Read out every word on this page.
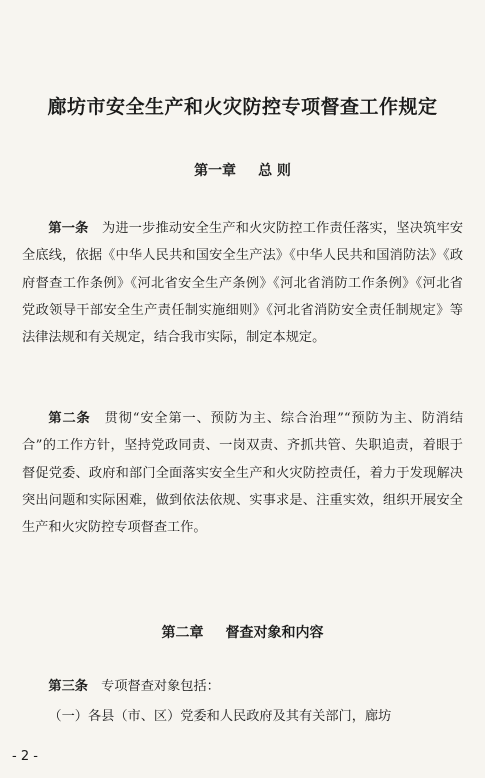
廊坊市安全生产和火灾防控专项督查工作规定
第一章 总 则

第一条　 为进一步推动安全生产和火灾防控工作责任落实，坚决筑牢安全底线，依据《中华人民共和国安全生产法》《中华人民共和国消防法》《政府督查工作条例》《河北省安全生产条例》《河北省消防工作条例》《河北省党政领导干部安全生产责任制实施细则》《河北省消防安全责任制规定》等法律法规和有关规定，结合我市实际，制定本规定。

第二条　 贯彻“安全第一、预防为主、综合治理”“预防为主、防消结合”的工作方针，坚持党政同责、一岗双责、齐抓共管、失职追责，着眼于督促党委、政府和部门全面落实安全生产和火灾防控责任，着力于发现解决突出问题和实际困难，做到依法依规、实事求是、注重实效，组织开展安全生产和火灾防控专项督查工作。

第二章 督查对象和内容

第三条　 专项督查对象包括：

（一）各县（市、区）党委和人民政府及其有关部门，廊坊

- 2 -
